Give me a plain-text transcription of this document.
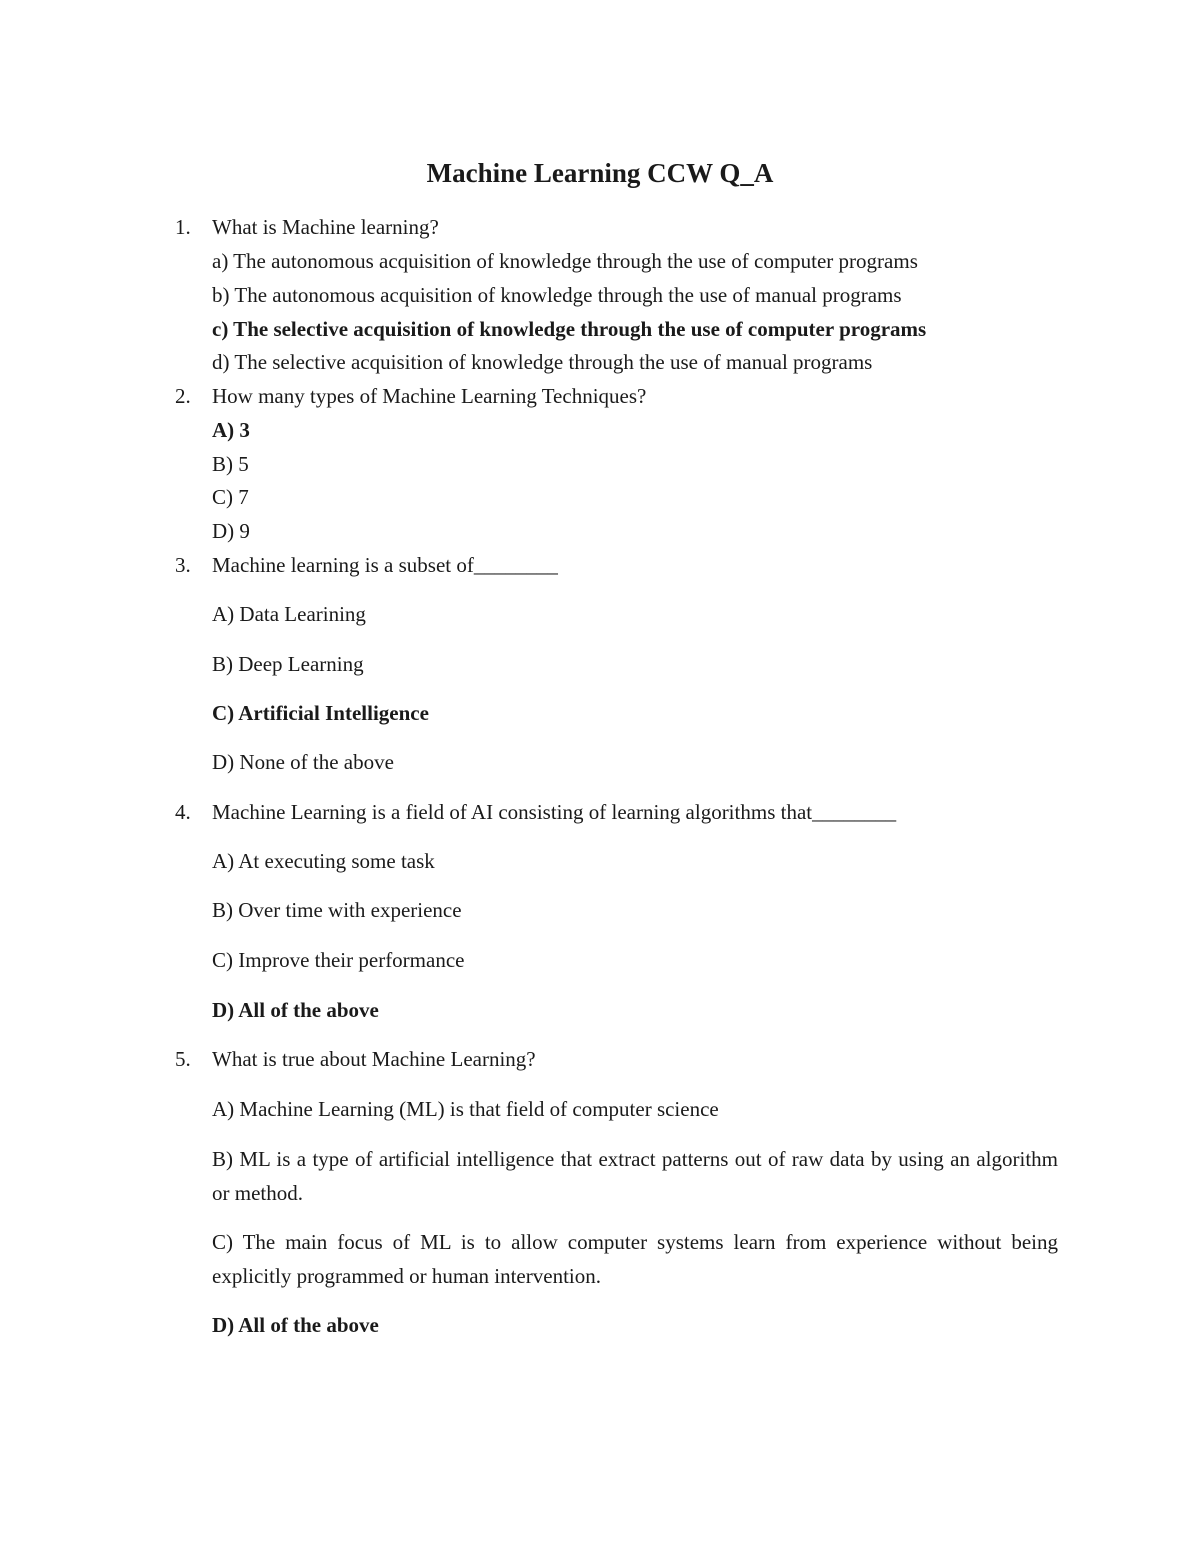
Machine Learning CCW Q_A
1. What is Machine learning?
a) The autonomous acquisition of knowledge through the use of computer programs
b) The autonomous acquisition of knowledge through the use of manual programs
c) The selective acquisition of knowledge through the use of computer programs
d) The selective acquisition of knowledge through the use of manual programs
2. How many types of Machine Learning Techniques?
A) 3
B) 5
C) 7
D) 9
3. Machine learning is a subset of________
A) Data Learining
B) Deep Learning
C) Artificial Intelligence
D) None of the above
4. Machine Learning is a field of AI consisting of learning algorithms that________
A) At executing some task
B) Over time with experience
C) Improve their performance
D) All of the above
5. What is true about Machine Learning?
A) Machine Learning (ML) is that field of computer science
B) ML is a type of artificial intelligence that extract patterns out of raw data by using an algorithm or method.
C) The main focus of ML is to allow computer systems learn from experience without being explicitly programmed or human intervention.
D) All of the above
